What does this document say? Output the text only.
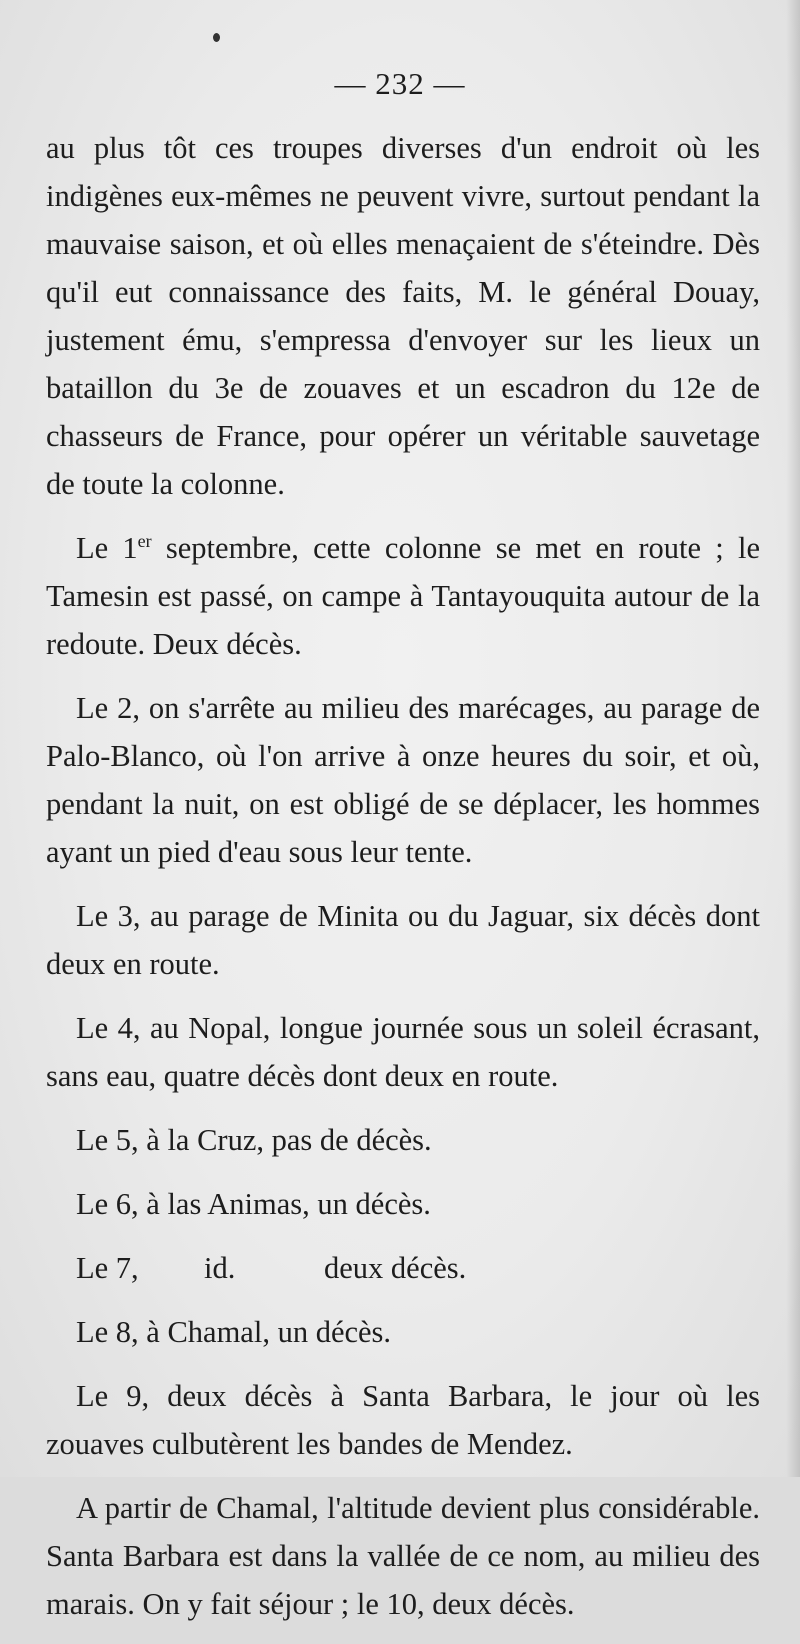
— 232 —

au plus tôt ces troupes diverses d'un endroit où les indigènes eux-mêmes ne peuvent vivre, surtout pendant la mauvaise saison, et où elles menaçaient de s'éteindre. Dès qu'il eut connaissance des faits, M. le général Douay, justement ému, s'empressa d'envoyer sur les lieux un bataillon du 3e de zouaves et un escadron du 12e de chasseurs de France, pour opérer un véritable sauvetage de toute la colonne.

Le 1er septembre, cette colonne se met en route ; le Tamesin est passé, on campe à Tantayouquita autour de la redoute. Deux décès.

Le 2, on s'arrête au milieu des marécages, au parage de Palo-Blanco, où l'on arrive à onze heures du soir, et où, pendant la nuit, on est obligé de se déplacer, les hommes ayant un pied d'eau sous leur tente.

Le 3, au parage de Minita ou du Jaguar, six décès dont deux en route.

Le 4, au Nopal, longue journée sous un soleil écrasant, sans eau, quatre décès dont deux en route.

Le 5, à la Cruz, pas de décès.

Le 6, à las Animas, un décès.

Le 7,	id.	deux décès.

Le 8, à Chamal, un décès.

Le 9, deux décès à Santa Barbara, le jour où les zouaves culbutèrent les bandes de Mendez.

A partir de Chamal, l'altitude devient plus considérable. Santa Barbara est dans la vallée de ce nom, au milieu des marais. On y fait séjour ; le 10, deux décès.
